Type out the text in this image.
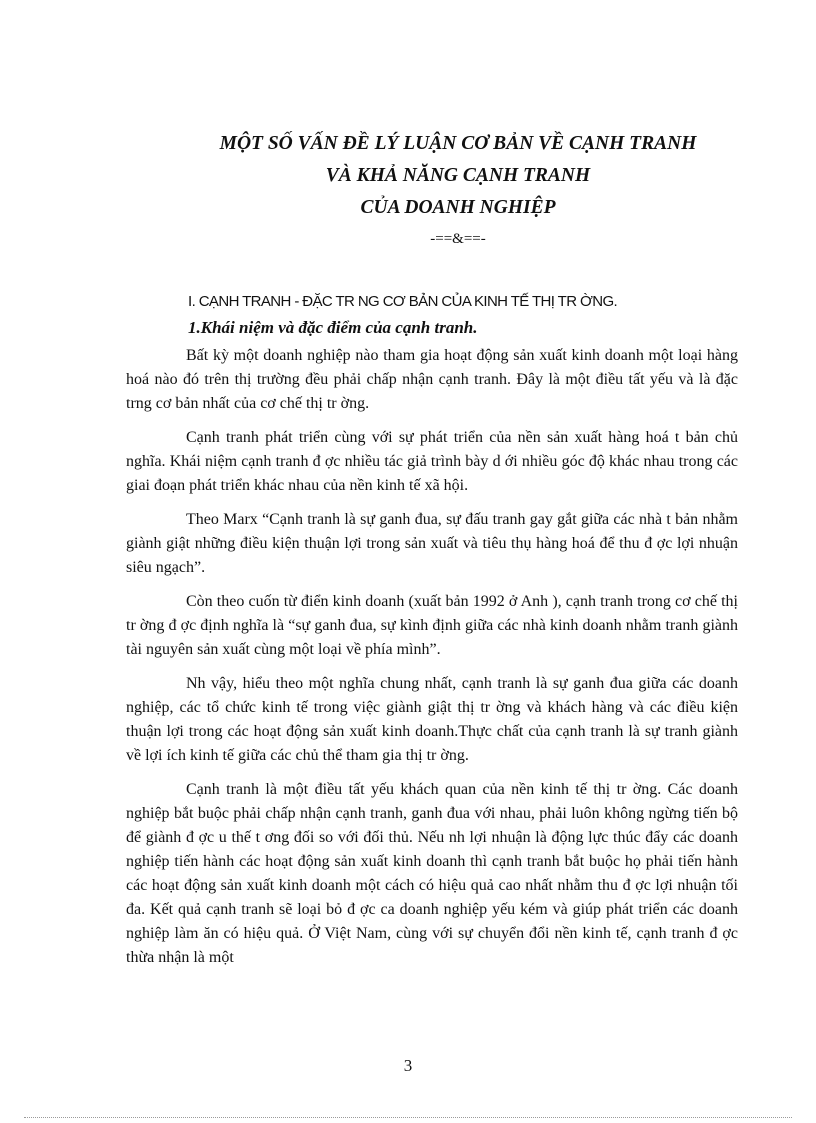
MỘT SỐ VẤN ĐỀ LÝ LUẬN CƠ BẢN VỀ CẠNH TRANH
VÀ KHẢ NĂNG CẠNH TRANH
CỦA DOANH NGHIỆP
-==&==-
I. CẠNH TRANH - ĐẶC TR NG CƠ BẢN CỦA KINH TẾ THỊ TR ỜNG.
1.Khái niệm và đặc điểm của cạnh tranh.

Bất kỳ một doanh nghiệp nào tham gia hoạt động sản xuất kinh doanh một loại hàng hoá nào đó trên thị trường đều phải chấp nhận cạnh tranh. Đây là một điều tất yếu và là đặc trng cơ bản nhất của cơ chế thị tr ờng.

Cạnh tranh phát triển cùng với sự phát triển của nền sản xuất hàng hoá t bản chủ nghĩa. Khái niệm cạnh tranh đ ợc nhiều tác giả trình bày d ới nhiều góc độ khác nhau trong các giai đoạn phát triển khác nhau của nền kinh tế xã hội.

Theo Marx “Cạnh tranh là sự ganh đua, sự đấu tranh gay gắt giữa các nhà t bản nhằm giành giật những điều kiện thuận lợi trong sản xuất và tiêu thụ hàng hoá để thu đ ợc lợi nhuận siêu ngạch”.

Còn theo cuốn từ điển kinh doanh (xuất bản 1992 ở Anh ), cạnh tranh trong cơ chế thị tr ờng đ ợc định nghĩa là “sự ganh đua, sự kình định giữa các nhà kinh doanh nhằm tranh giành tài nguyên sản xuất cùng một loại về phía mình”.

Nh vậy, hiểu theo một nghĩa chung nhất, cạnh tranh là sự ganh đua giữa các doanh nghiệp, các tổ chức kinh tế trong việc giành giật thị tr ờng và khách hàng và các điều kiện thuận lợi trong các hoạt động sản xuất kinh doanh.Thực chất của cạnh tranh là sự tranh giành về lợi ích kinh tế giữa các chủ thể tham gia thị tr ờng.

Cạnh tranh là một điều tất yếu khách quan của nền kinh tế thị tr ờng. Các doanh nghiệp bắt buộc phải chấp nhận cạnh tranh, ganh đua với nhau, phải luôn không ngừng tiến bộ để giành đ ợc u thế t ơng đối so với đối thủ. Nếu nh lợi nhuận là động lực thúc đẩy các doanh nghiệp tiến hành các hoạt động sản xuất kinh doanh thì cạnh tranh bắt buộc họ phải tiến hành các hoạt động sản xuất kinh doanh một cách có hiệu quả cao nhất nhằm thu đ ợc lợi nhuận tối đa. Kết quả cạnh tranh sẽ loại bỏ đ ợc ca doanh nghiệp yếu kém và giúp phát triển các doanh nghiệp làm ăn có hiệu quả. Ở Việt Nam, cùng với sự chuyển đổi nền kinh tế, cạnh tranh đ ợc thừa nhận là một

3
